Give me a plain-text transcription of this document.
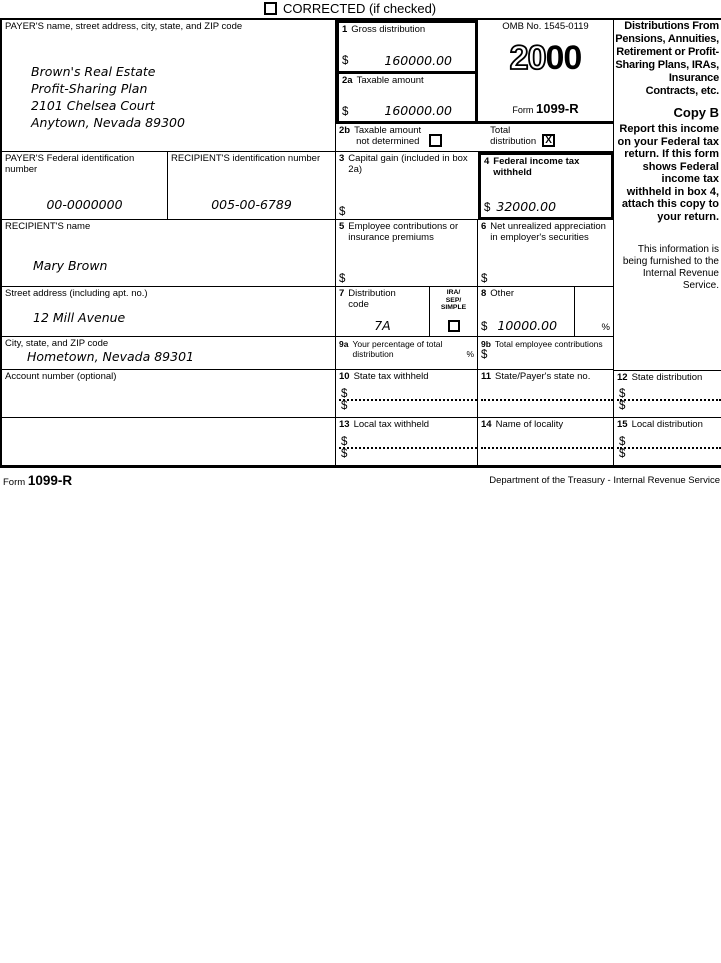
CORRECTED (if checked)
PAYER'S name, street address, city, state, and ZIP code
Brown's Real Estate
Profit-Sharing Plan
2101 Chelsea Court
Anytown, Nevada 89300
1 Gross distribution
$	160000.00
2a Taxable amount
$	160000.00
OMB No. 1545-0119
2000
Form 1099-R
Distributions From Pensions, Annuities, Retirement or Profit-Sharing Plans, IRAs, Insurance Contracts, etc.
Copy B
Report this income on your Federal tax return. If this form shows Federal income tax withheld in box 4, attach this copy to your return.
This information is being furnished to the Internal Revenue Service.
2b Taxable amount
not determined
Total
distribution X
PAYER'S Federal identification number
00-0000000
RECIPIENT'S identification number
005-00-6789
3 Capital gain (included in box 2a)
$
4 Federal income tax withheld
$ 32000.00
RECIPIENT'S name
Mary Brown
5 Employee contributions or insurance premiums
$
6 Net unrealized appreciation in employer's securities
$
Street address (including apt. no.)
12 Mill Avenue
7 Distribution
code
7A
IRA/
SEP/
SIMPLE
8 Other
$ 10000.00	%
City, state, and ZIP code
Hometown, Nevada 89301
9a Your percentage of total
distribution	%
9b Total employee contributions
$
Account number (optional)	10 State tax withheld
$
$
11 State/Payer's state no.	12 State distribution
$
$
13 Local tax withheld
$
$
14 Name of locality	15 Local distribution
$
$
Form 1099-R	Department of the Treasury - Internal Revenue Service
